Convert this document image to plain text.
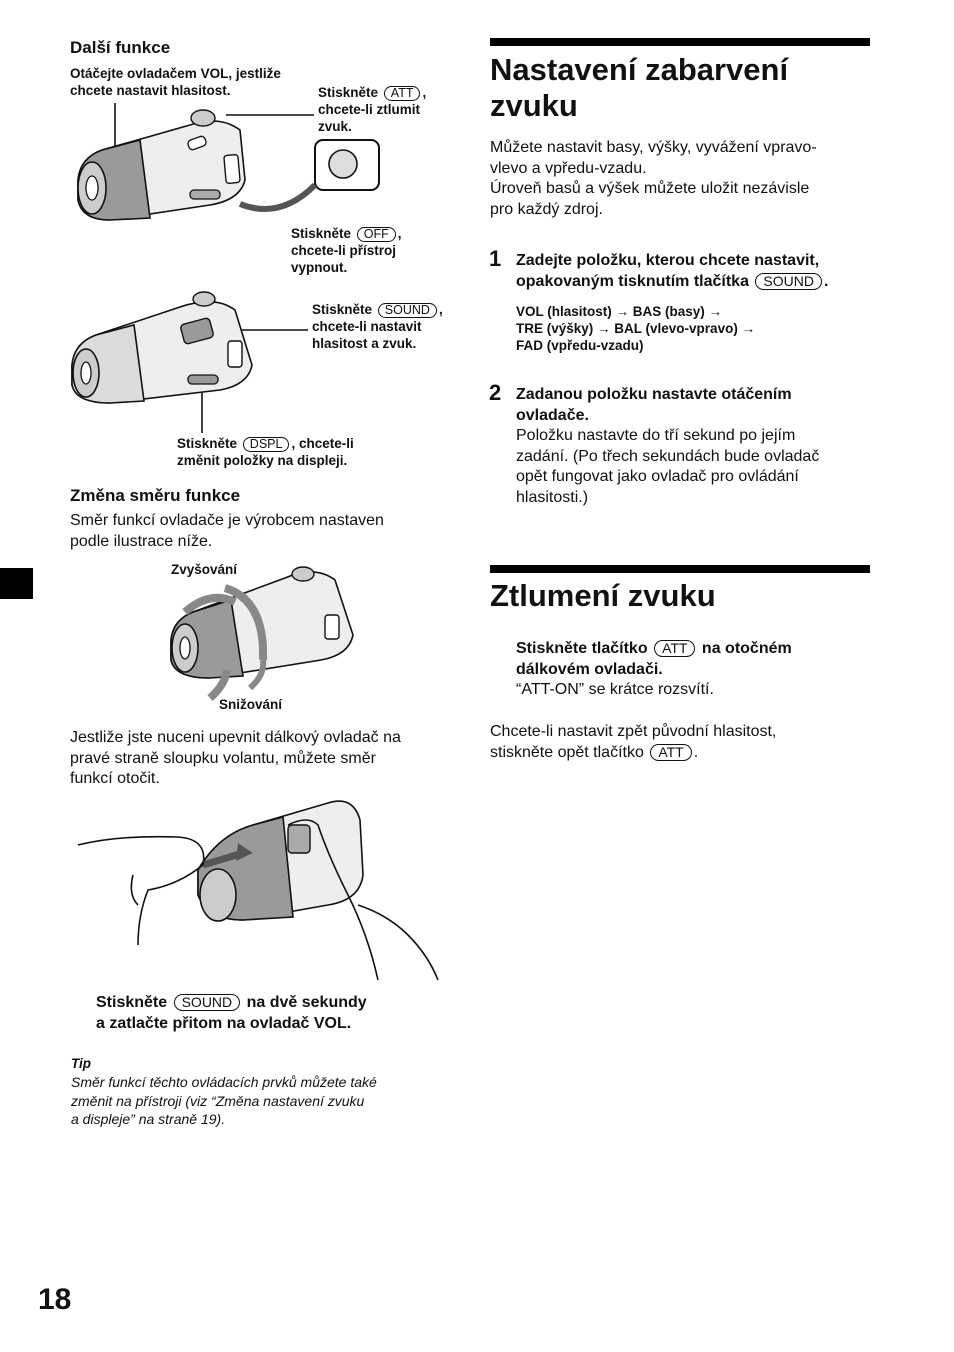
Další funkce
Otáčejte ovladačem VOL, jestliže
chcete nastavit hlasitost.	Stiskněte ATT ,
chcete-li ztlumit
zvuk.
Stiskněte OFF ,
chcete-li přístroj
vypnout.
Stiskněte SOUND ,
chcete-li nastavit
hlasitost a zvuk.
Stiskněte DSPL , chcete-li
změnit položky na displeji.
Změna směru funkce
Směr funkcí ovladače je výrobcem nastaven
podle ilustrace níže.
Zvyšování
Snižování
Jestliže jste nuceni upevnit dálkový ovladač na
pravé straně sloupku volantu, můžete směr
funkcí otočit.
Stiskněte SOUND na dvě sekundy
a zatlačte přitom na ovladač VOL.
Tip
Směr funkcí těchto ovládacích prvků můžete také
změnit na přístroji (viz “Změna nastavení zvuku
a displeje” na straně 19).
18
Nastavení zabarvení
zvuku
Můžete nastavit basy, výšky, vyvážení vpravo-
vlevo a vpředu-vzadu.
Úroveň basů a výšek můžete uložit nezávisle
pro každý zdroj.
1 Zadejte položku, kterou chcete nastavit,
opakovaným tisknutím tlačítka SOUND .
VOL (hlasitost) → BAS (basy) →
TRE (výšky) → BAL (vlevo-vpravo) →
FAD (vpředu-vzadu)
2 Zadanou položku nastavte otáčením
ovladače.
Položku nastavte do tří sekund po jejím
zadání. (Po třech sekundách bude ovladač
opět fungovat jako ovladač pro ovládání
hlasitosti.)
Ztlumení zvuku
Stiskněte tlačítko ATT na otočném
dálkovém ovladači.
“ATT-ON” se krátce rozsvítí.
Chcete-li nastavit zpět původní hlasitost,
stiskněte opět tlačítko ATT .
